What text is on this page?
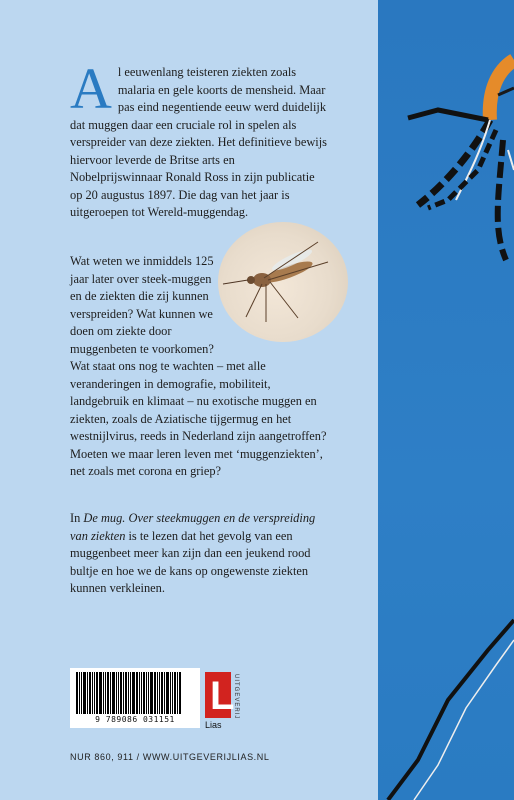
Al eeuwenlang teisteren ziekten zoals malaria en gele koorts de mensheid. Maar pas eind negentiende eeuw werd duidelijk dat muggen daar een cruciale rol in spelen als verspreider van deze ziekten. Het definitieve bewijs hiervoor leverde de Britse arts en Nobelprijswinnaar Ronald Ross in zijn publicatie op 20 augustus 1897. Die dag van het jaar is uitgeroepen tot Wereld-muggendag.
Wat weten we inmiddels 125 jaar later over steek-muggen en de ziekten die zij kunnen verspreiden? Wat kunnen we doen om ziekte door muggenbeten te voorkomen?
Wat staat ons nog te wachten – met alle veranderingen in demografie, mobiliteit, landgebruik en klimaat – nu exotische muggen en ziekten, zoals de Aziatische tijgermug en het westnijlvirus, reeds in Nederland zijn aangetroffen? Moeten we maar leren leven met ‘muggenziekten’, net zoals met corona en griep?
In De mug. Over steekmuggen en de verspreiding van ziekten is te lezen dat het gevolg van een muggenbeet meer kan zijn dan een jeukend rood bultje en hoe we de kans op ongewenste ziekten kunnen verkleinen.
9 789086 031151
L
UITGEVERIJ
Lias
NUR 860, 911 / WWW.UITGEVERIJLIAS.NL
